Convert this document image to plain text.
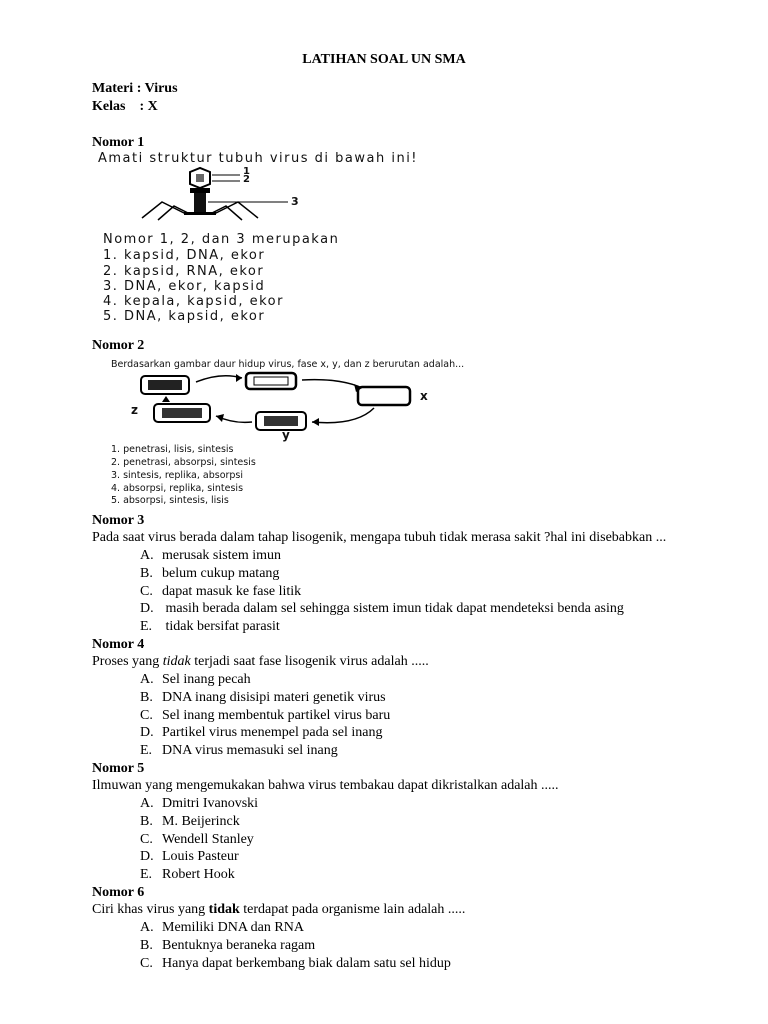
LATIHAN SOAL UN SMA
Materi : Virus
Kelas    : X
Nomor 1
Amati struktur tubuh virus di bawah ini!
1
2
3
Nomor 1, 2, dan 3 merupakan
1. kapsid, DNA, ekor
2. kapsid, RNA, ekor
3. DNA, ekor, kapsid
4. kepala, kapsid, ekor
5. DNA, kapsid, ekor
Nomor 2
Berdasarkan gambar daur hidup virus, fase x, y, dan z berurutan adalah...
x
y
z
1. penetrasi, lisis, sintesis
2. penetrasi, absorpsi, sintesis
3. sintesis, replika, absorpsi
4. absorpsi, replika, sintesis
5. absorpsi, sintesis, lisis
Nomor 3
Pada saat virus berada dalam tahap lisogenik, mengapa tubuh tidak merasa sakit ?hal ini disebabkan ...
A. merusak sistem imun
B. belum cukup matang
C. dapat masuk ke fase litik
D. masih berada dalam sel sehingga sistem imun tidak dapat mendeteksi benda asing
E. tidak bersifat parasit
Nomor 4
Proses yang tidak terjadi saat fase lisogenik virus adalah .....
A. Sel inang pecah
B. DNA inang disisipi materi genetik virus
C. Sel inang membentuk partikel virus baru
D. Partikel virus menempel pada sel inang
E. DNA virus memasuki sel inang
Nomor 5
Ilmuwan yang mengemukakan bahwa virus tembakau dapat dikristalkan adalah .....
A. Dmitri Ivanovski
B. M. Beijerinck
C. Wendell Stanley
D. Louis Pasteur
E. Robert Hook
Nomor 6
Ciri khas virus yang tidak terdapat pada organisme lain adalah .....
A. Memiliki DNA dan RNA
B. Bentuknya beraneka ragam
C. Hanya dapat berkembang biak dalam satu sel hidup
